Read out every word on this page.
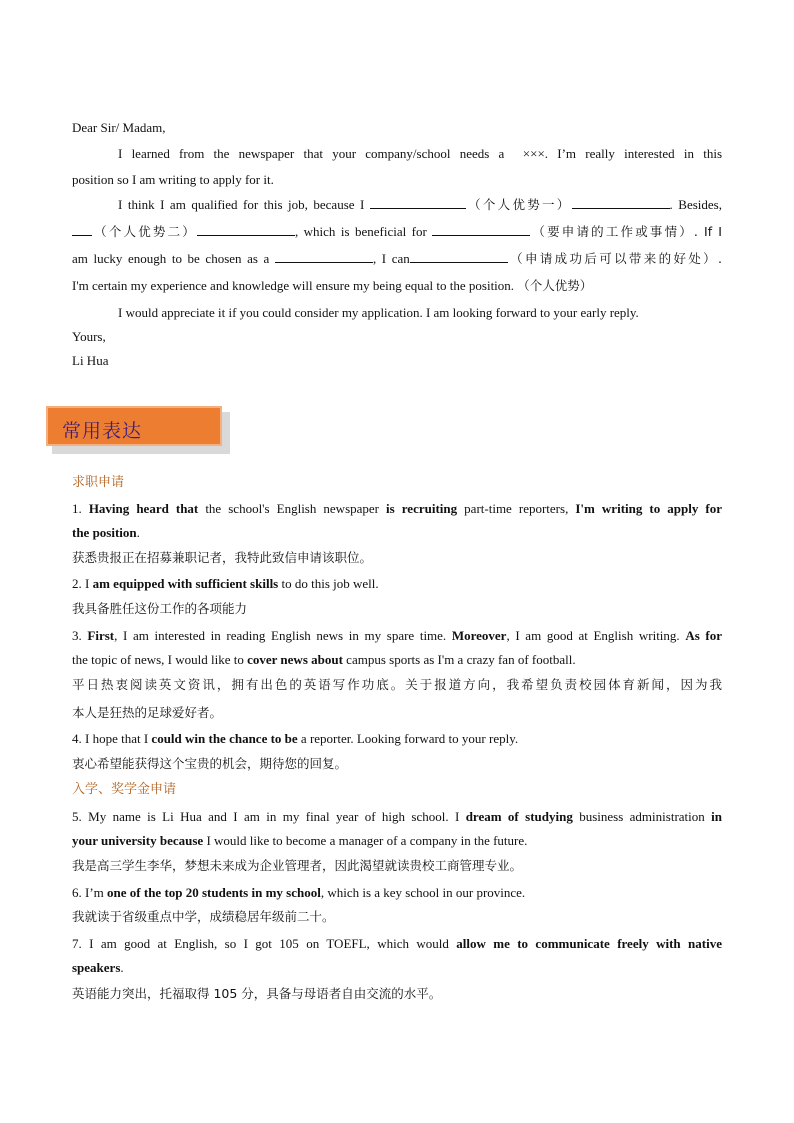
Dear Sir/ Madam,
I learned from the newspaper that your company/school needs a ×××. I’m really interested in this
position so I am writing to apply for it.
I think I am qualified for this job, because I	（个人优势一）	. Besides,
（个人优势二）	, which is beneficial for	（要申请的工作或事情）. If I
am lucky enough to be chosen as a	, I can	（申请成功后可以带来的好处）.
I'm certain my experience and knowledge will ensure my being equal to the position. （个人优势）
I would appreciate it if you could consider my application. I am looking forward to your early reply.
Yours,
Li Hua
求职申请
1. Having heard that the school's English newspaper is recruiting part-time reporters, I'm writing to apply for
the position.
获悉贵报正在招募兼职记者，我特此致信申请该职位。
2. I am equipped with sufficient skills to do this job well.
我具备胜任这份工作的各项能力
3. First, I am interested in reading English news in my spare time. Moreover, I am good at English writing. As for
the topic of news, I would like to cover news about campus sports as I'm a crazy fan of football.
平日热衷阅读英文资讯，拥有出色的英语写作功底。关于报道方向，我希望负责校园体育新闻，因为我
本人是狂热的足球爱好者。
4. I hope that I could win the chance to be a reporter. Looking forward to your reply.
衷心希望能获得这个宝贵的机会，期待您的回复。
入学、奖学金申请
5. My name is Li Hua and I am in my final year of high school. I dream of studying business administration in
your university because I would like to become a manager of a company in the future.
我是高三学生李华，梦想未来成为企业管理者，因此渴望就读贵校工商管理专业。
6. I’m one of the top 20 students in my school, which is a key school in our province.
我就读于省级重点中学，成绩稳居年级前二十。
7. I am good at English, so I got 105 on TOEFL, which would allow me to communicate freely with native
speakers.
英语能力突出，托福取得 105 分，具备与母语者自由交流的水平。
常用表达
